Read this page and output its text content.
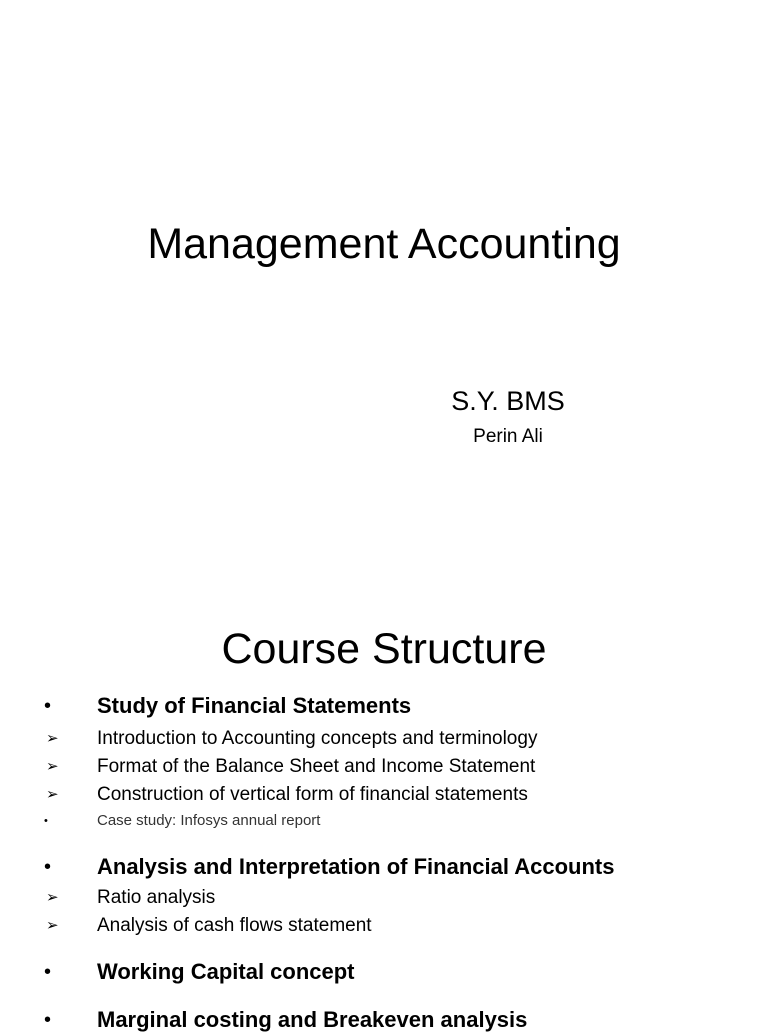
Management Accounting
S.Y. BMS
Perin Ali
Course Structure
• Study of Financial Statements
➢ Introduction to Accounting concepts and terminology
➢ Format of the Balance Sheet and Income Statement
➢ Construction of vertical form of financial statements
•	Case study: Infosys annual report
• Analysis and Interpretation of Financial Accounts
➢ Ratio analysis
➢ Analysis of cash flows statement
• Working Capital concept
• Marginal costing and Breakeven analysis
